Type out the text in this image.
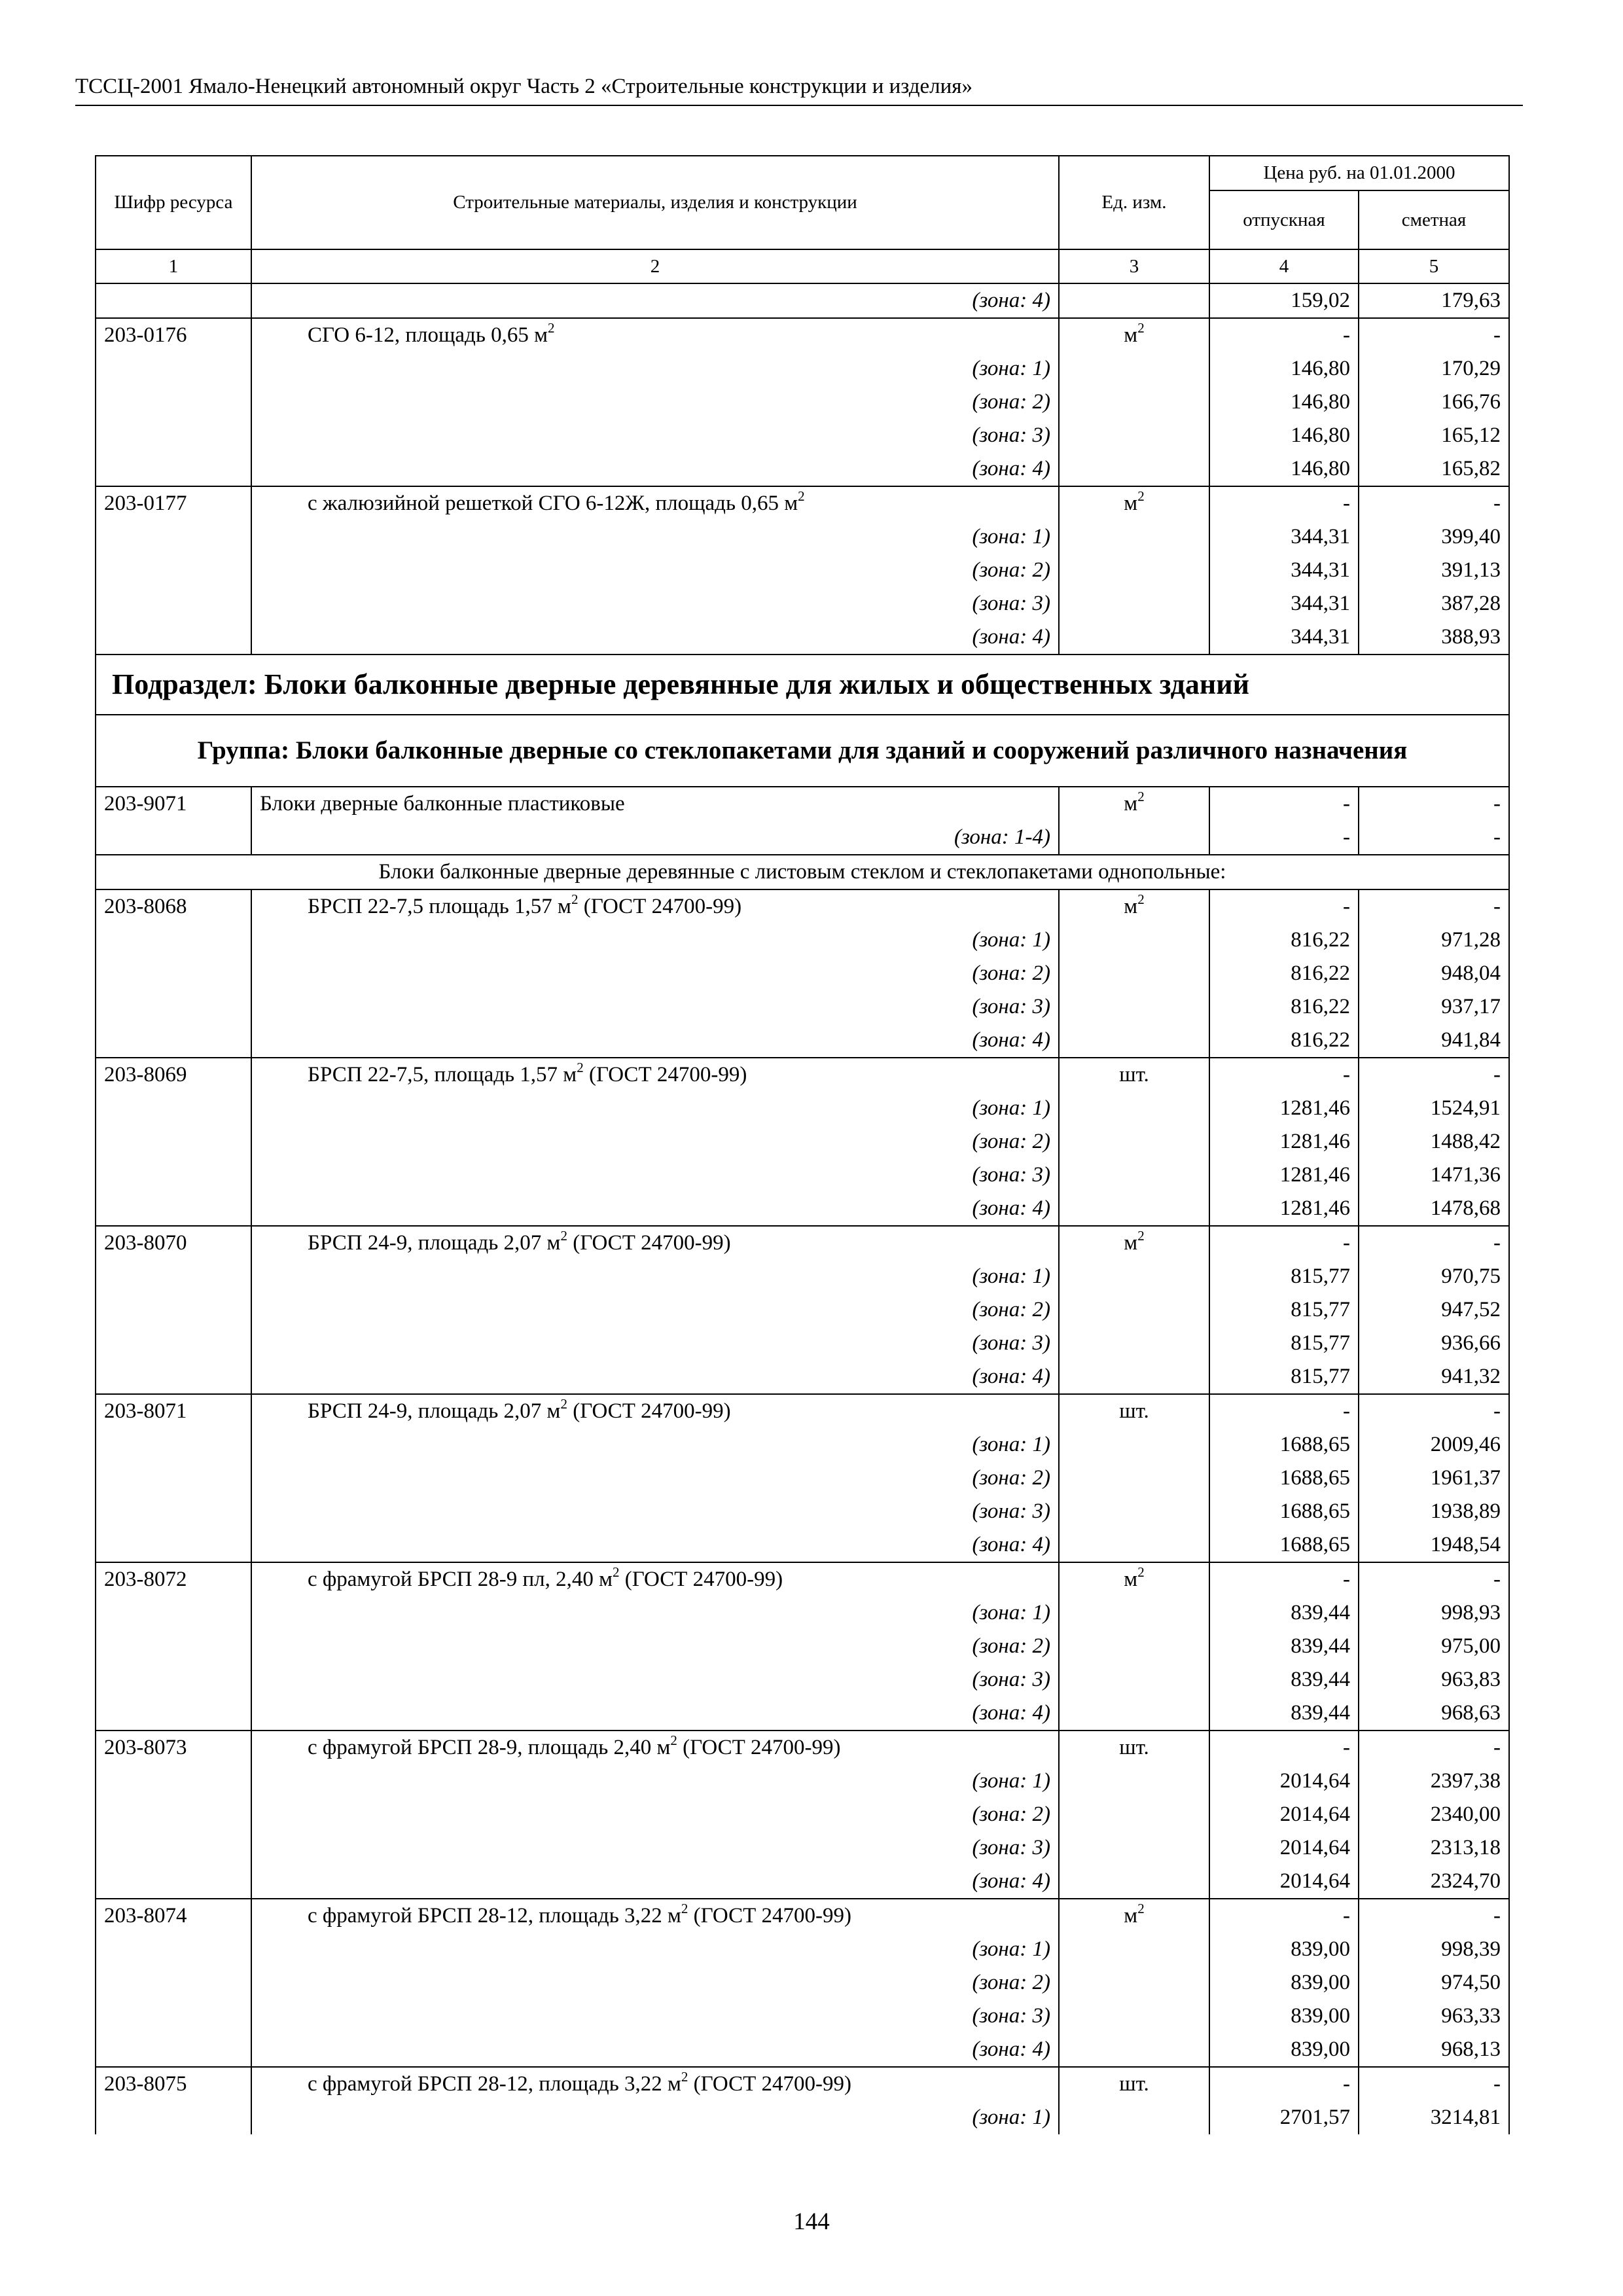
ТССЦ-2001 Ямало-Ненецкий автономный округ Часть 2 «Строительные конструкции и изделия»
Шифр ресурса	Строительные материалы, изделия и конструкции	Ед. изм.	Цена руб. на 01.01.2000	
			отпускная	сметная
1	2	3	4	5
	(зона: 4)		159,02	179,63
203-0176	СГО 6-12, площадь 0,65 $м^2$	$м^2$	-	-
	(зона: 1)		146,80	170,29
	(зона: 2)		146,80	166,76
	(зона: 3)		146,80	165,12
	(зона: 4)		146,80	165,82
203-0177	с жалюзийной решеткой СГО 6-12Ж, площадь 0,65 $м^2$	$м^2$	-	-
	(зона: 1)		344,31	399,40
	(зона: 2)		344,31	391,13
	(зона: 3)		344,31	387,28
	(зона: 4)		344,31	388,93
Подраздел: Блоки балконные дверные деревянные для жилых и общественных зданий				
Группа: Блоки балконные дверные со стеклопакетами для зданий и сооружений различного назначения				
203-9071	Блоки дверные балконные пластиковые	$м^2$	-	-
	(зона: 1-4)		-	-
Блоки балконные дверные деревянные с листовым стеклом и стеклопакетами однопольные:				
203-8068	БРСП 22-7,5 площадь 1,57 $м^2$ (ГОСТ 24700-99)	$м^2$	-	-
	(зона: 1)		816,22	971,28
	(зона: 2)		816,22	948,04
	(зона: 3)		816,22	937,17
	(зона: 4)		816,22	941,84
203-8069	БРСП 22-7,5, площадь 1,57 $м^2$ (ГОСТ 24700-99)	шт.	-	-
	(зона: 1)		1281,46	1524,91
	(зона: 2)		1281,46	1488,42
	(зона: 3)		1281,46	1471,36
	(зона: 4)		1281,46	1478,68
203-8070	БРСП 24-9, площадь 2,07 $м^2$ (ГОСТ 24700-99)	$м^2$	-	-
	(зона: 1)		815,77	970,75
	(зона: 2)		815,77	947,52
	(зона: 3)		815,77	936,66
	(зона: 4)		815,77	941,32
203-8071	БРСП 24-9, площадь 2,07 $м^2$ (ГОСТ 24700-99)	шт.	-	-
	(зона: 1)		1688,65	2009,46
	(зона: 2)		1688,65	1961,37
	(зона: 3)		1688,65	1938,89
	(зона: 4)		1688,65	1948,54
203-8072	с фрамугой БРСП 28-9 пл, 2,40 $м^2$ (ГОСТ 24700-99)	$м^2$	-	-
	(зона: 1)		839,44	998,93
	(зона: 2)		839,44	975,00
	(зона: 3)		839,44	963,83
	(зона: 4)		839,44	968,63
203-8073	с фрамугой БРСП 28-9, площадь 2,40 $м^2$ (ГОСТ 24700-99)	шт.	-	-
	(зона: 1)		2014,64	2397,38
	(зона: 2)		2014,64	2340,00
	(зона: 3)		2014,64	2313,18
	(зона: 4)		2014,64	2324,70
203-8074	с фрамугой БРСП 28-12, площадь 3,22 $м^2$ (ГОСТ 24700-99)	$м^2$	-	-
	(зона: 1)		839,00	998,39
	(зона: 2)		839,00	974,50
	(зона: 3)		839,00	963,33
	(зона: 4)		839,00	968,13
203-8075	с фрамугой БРСП 28-12, площадь 3,22 $м^2$ (ГОСТ 24700-99)	шт.	-	-
	(зона: 1)		2701,57	3214,81
144
